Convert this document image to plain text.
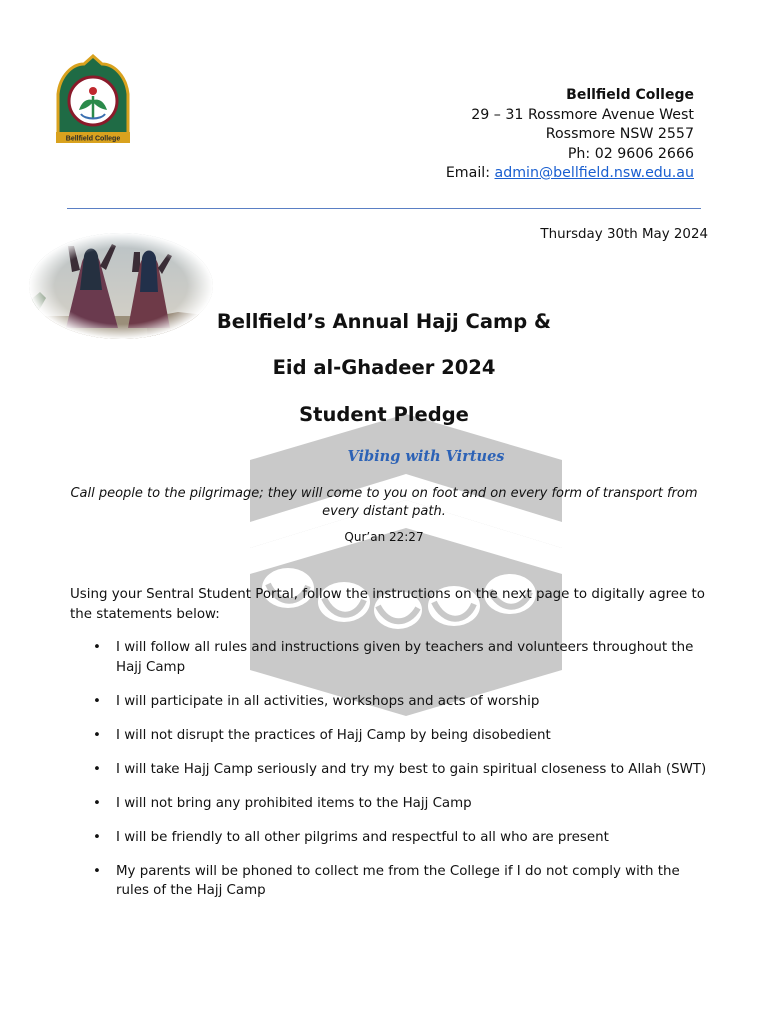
Bellfield College
Bellfield College
29 – 31 Rossmore Avenue West
Rossmore NSW 2557
Ph: 02 9606 2666
Email: admin@bellfield.nsw.edu.au
Thursday 30th May 2024
Bellfield’s Annual Hajj Camp &
Eid al-Ghadeer 2024
Student Pledge
Vibing with Virtues
Call people to the pilgrimage; they will come to you on foot and on every form of transport from every distant path.
Qur’an 22:27
Using your Sentral Student Portal, follow the instructions on the next page to digitally agree to the statements below:
• I will follow all rules and instructions given by teachers and volunteers throughout the Hajj Camp
• I will participate in all activities, workshops and acts of worship
• I will not disrupt the practices of Hajj Camp by being disobedient
• I will take Hajj Camp seriously and try my best to gain spiritual closeness to Allah (SWT)
• I will not bring any prohibited items to the Hajj Camp
• I will be friendly to all other pilgrims and respectful to all who are present
• My parents will be phoned to collect me from the College if I do not comply with the rules of the Hajj Camp
